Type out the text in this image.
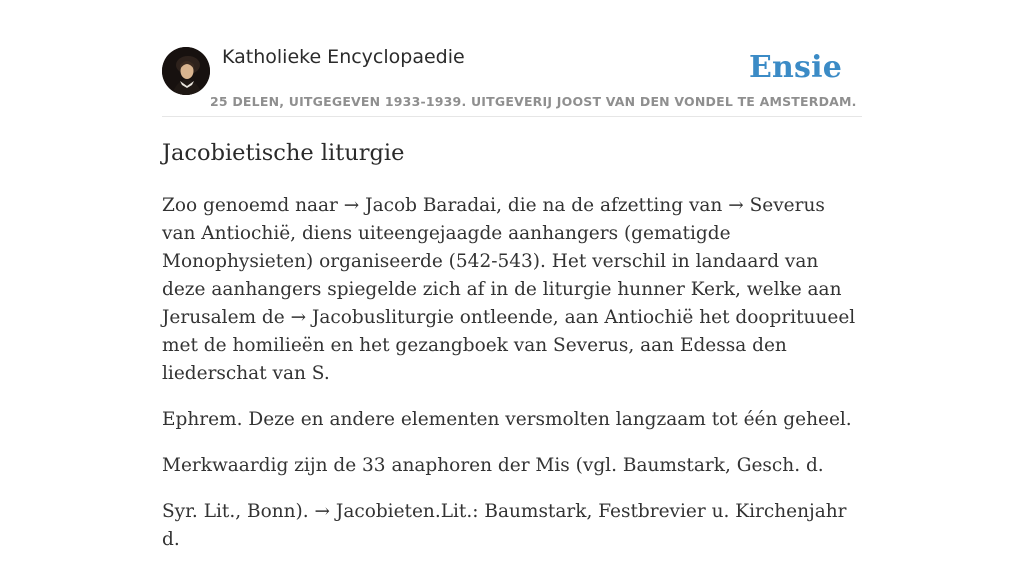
Katholieke Encyclopaedie	Ensie
25 DELEN, UITGEGEVEN 1933-1939. UITGEVERIJ JOOST VAN DEN VONDEL TE AMSTERDAM.
Jacobietische liturgie

Zoo genoemd naar → Jacob Baradai, die na de afzetting van → Severus van Antiochië, diens uiteengejaagde aanhangers (gematigde Monophysieten) organiseerde (542-543). Het verschil in landaard van deze aanhangers spiegelde zich af in de liturgie hunner Kerk, welke aan Jerusalem de → Jacobusliturgie ontleende, aan Antiochië het dooprituueel met de homilieën en het gezangboek van Severus, aan Edessa den liederschat van S.

Ephrem. Deze en andere elementen versmolten langzaam tot één geheel.

Merkwaardig zijn de 33 anaphoren der Mis (vgl. Baumstark, Gesch. d.

Syr. Lit., Bonn). → Jacobieten.Lit.: Baumstark, Festbrevier u. Kirchenjahr d.
